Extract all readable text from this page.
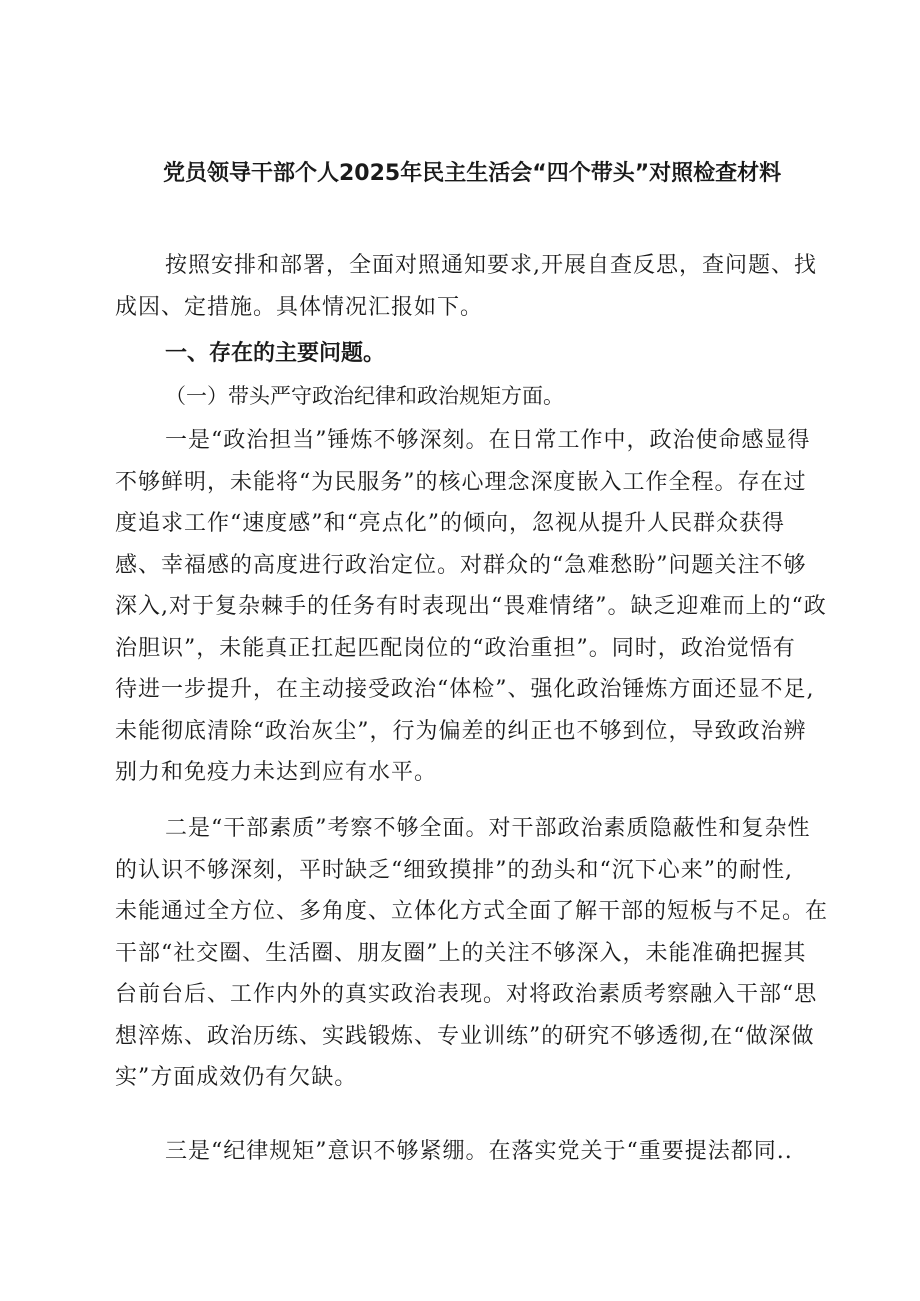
党员领导干部个人2025年民主生活会“四个带头”对照检查材料
按照安排和部署，全面对照通知要求,开展自查反思，查问题、找
成因、定措施。具体情况汇报如下。
一、存在的主要问题。
（一）带头严守政治纪律和政治规矩方面。
一是“政治担当”锤炼不够深刻。在日常工作中，政治使命感显得
不够鲜明，未能将“为民服务”的核心理念深度嵌入工作全程。存在过
度追求工作“速度感”和“亮点化”的倾向，忽视从提升人民群众获得
感、幸福感的高度进行政治定位。对群众的“急难愁盼”问题关注不够
深入,对于复杂棘手的任务有时表现出“畏难情绪”。缺乏迎难而上的“政
治胆识”，未能真正扛起匹配岗位的“政治重担”。同时，政治觉悟有
待进一步提升，在主动接受政治“体检”、强化政治锤炼方面还显不足,
未能彻底清除“政治灰尘”，行为偏差的纠正也不够到位，导致政治辨
别力和免疫力未达到应有水平。
二是“干部素质”考察不够全面。对干部政治素质隐蔽性和复杂性
的认识不够深刻，平时缺乏“细致摸排”的劲头和“沉下心来”的耐性,
未能通过全方位、多角度、立体化方式全面了解干部的短板与不足。在
干部“社交圈、生活圈、朋友圈”上的关注不够深入，未能准确把握其
台前台后、工作内外的真实政治表现。对将政治素质考察融入干部“思
想淬炼、政治历练、实践锻炼、专业训练”的研究不够透彻,在“做深做
实”方面成效仍有欠缺。
三是“纪律规矩”意识不够紧绷。在落实党关于“重要提法都同..
